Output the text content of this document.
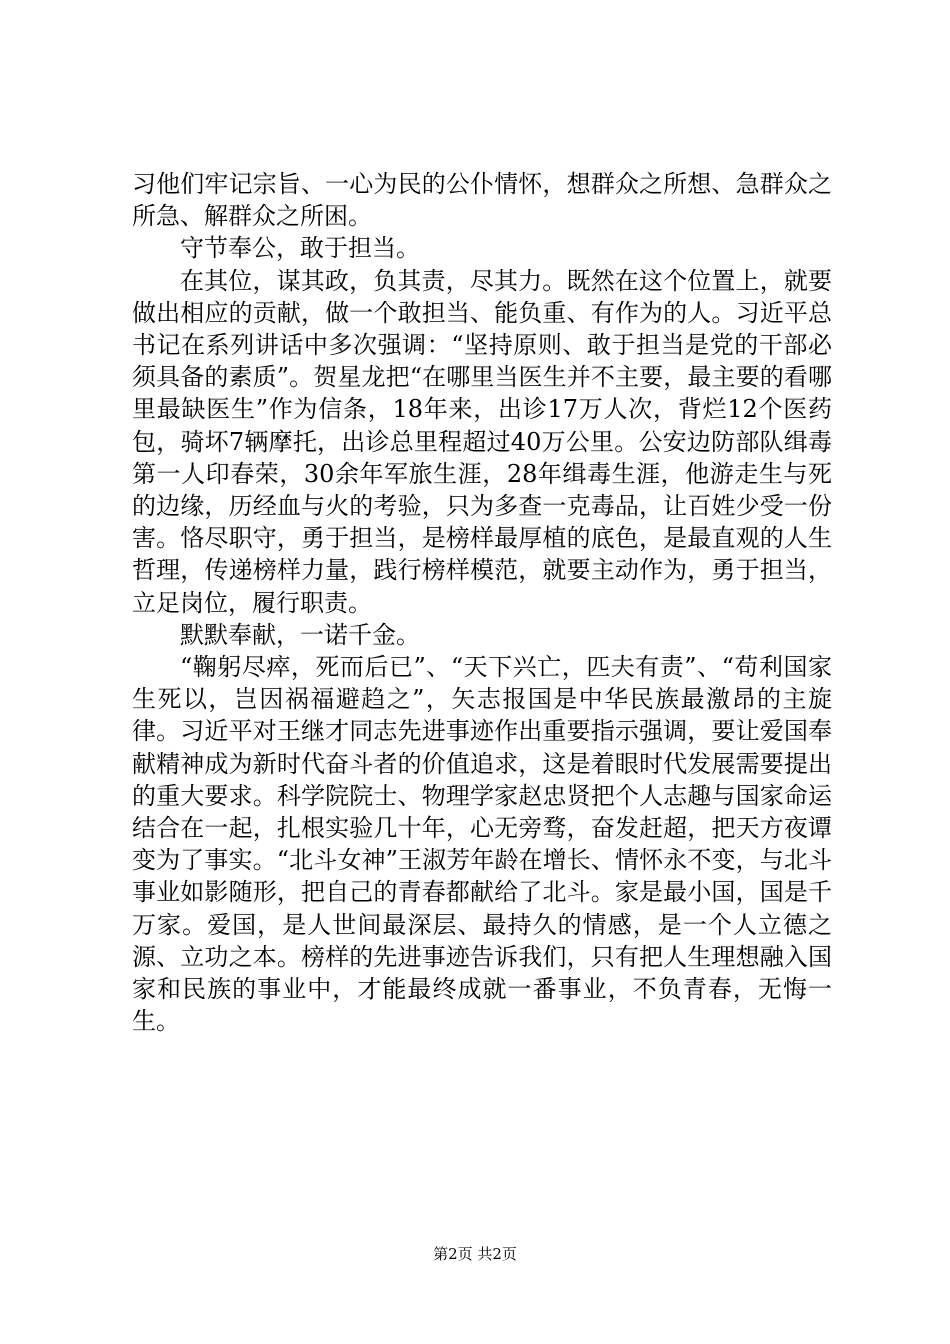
习他们牢记宗旨、一心为民的公仆情怀，想群众之所想、急群众之所急、解群众之所困。

守节奉公，敢于担当。

在其位，谋其政，负其责，尽其力。既然在这个位置上，就要做出相应的贡献，做一个敢担当、能负重、有作为的人。习近平总书记在系列讲话中多次强调：“坚持原则、敢于担当是党的干部必须具备的素质”。贺星龙把“在哪里当医生并不主要，最主要的看哪里最缺医生”作为信条，18年来，出诊17万人次，背烂12个医药包，骑坏7辆摩托，出诊总里程超过40万公里。公安边防部队缉毒第一人印春荣，30余年军旅生涯，28年缉毒生涯，他游走生与死的边缘，历经血与火的考验，只为多查一克毒品，让百姓少受一份害。恪尽职守，勇于担当，是榜样最厚植的底色，是最直观的人生哲理，传递榜样力量，践行榜样模范，就要主动作为，勇于担当，立足岗位，履行职责。

默默奉献，一诺千金。

“鞠躬尽瘁，死而后已”、“天下兴亡，匹夫有责”、“苟利国家生死以，岂因祸福避趋之”，矢志报国是中华民族最激昂的主旋律。习近平对王继才同志先进事迹作出重要指示强调，要让爱国奉献精神成为新时代奋斗者的价值追求，这是着眼时代发展需要提出的重大要求。科学院院士、物理学家赵忠贤把个人志趣与国家命运结合在一起，扎根实验几十年，心无旁骛，奋发赶超，把天方夜谭变为了事实。“北斗女神”王淑芳年龄在增长、情怀永不变，与北斗事业如影随形，把自己的青春都献给了北斗。家是最小国，国是千万家。爱国，是人世间最深层、最持久的情感，是一个人立德之源、立功之本。榜样的先进事迹告诉我们，只有把人生理想融入国家和民族的事业中，才能最终成就一番事业，不负青春，无悔一生。

第2页 共2页
